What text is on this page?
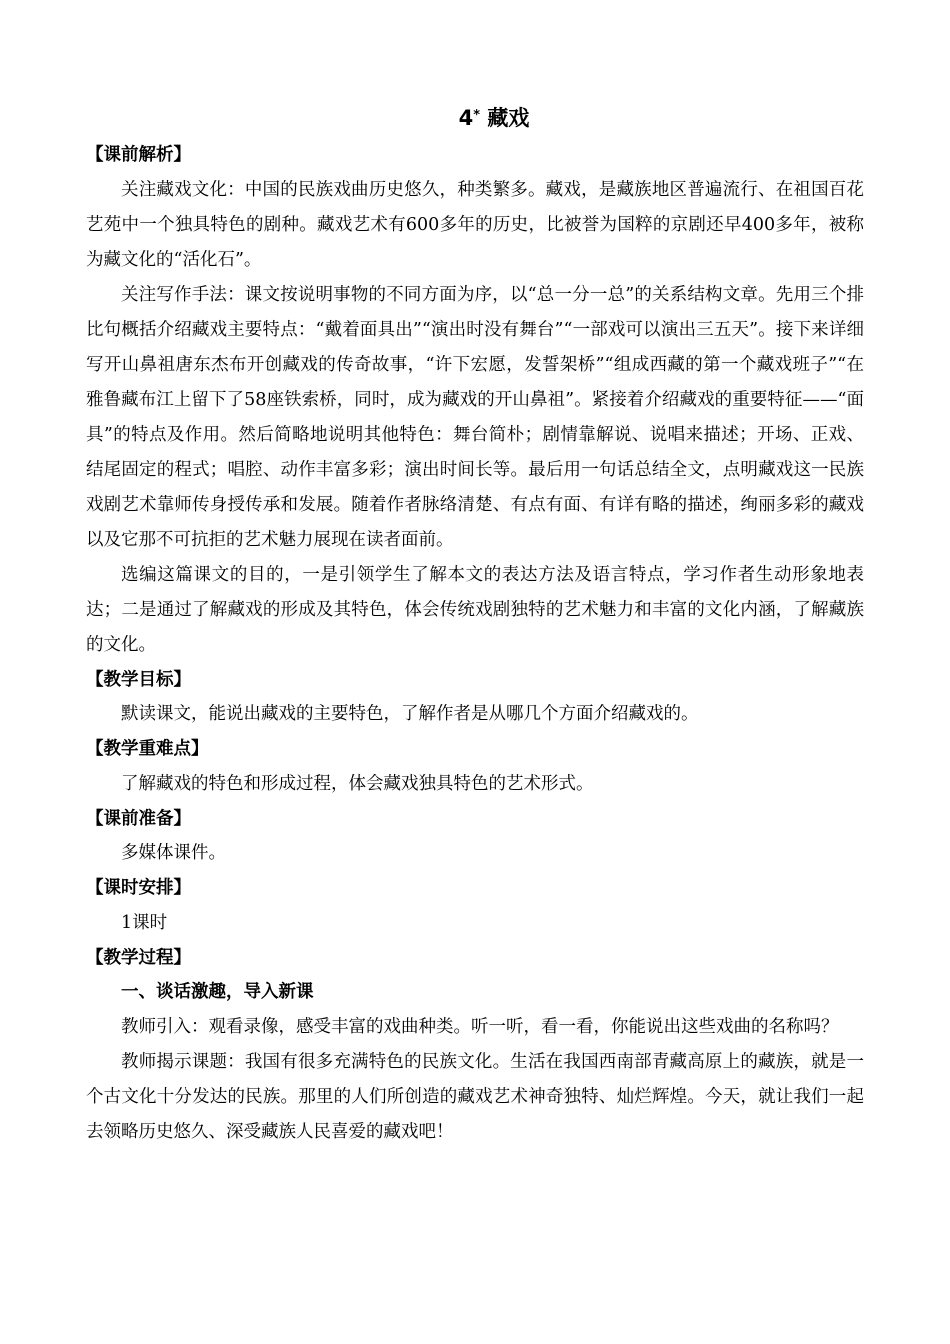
4* 藏戏

【课前解析】

关注藏戏文化：中国的民族戏曲历史悠久，种类繁多。藏戏，是藏族地区普遍流行、在祖国百花艺苑中一个独具特色的剧种。藏戏艺术有600多年的历史，比被誉为国粹的京剧还早400多年，被称为藏文化的“活化石”。

关注写作手法：课文按说明事物的不同方面为序，以“总一分一总”的关系结构文章。先用三个排比句概括介绍藏戏主要特点：“戴着面具出”“演出时没有舞台”“一部戏可以演出三五天”。接下来详细写开山鼻祖唐东杰布开创藏戏的传奇故事，“许下宏愿，发誓架桥”“组成西藏的第一个藏戏班子”“在雅鲁藏布江上留下了58座铁索桥，同时，成为藏戏的开山鼻祖”。紧接着介绍藏戏的重要特征——“面具”的特点及作用。然后简略地说明其他特色：舞台简朴；剧情靠解说、说唱来描述；开场、正戏、结尾固定的程式；唱腔、动作丰富多彩；演出时间长等。最后用一句话总结全文，点明藏戏这一民族戏剧艺术靠师传身授传承和发展。随着作者脉络清楚、有点有面、有详有略的描述，绚丽多彩的藏戏以及它那不可抗拒的艺术魅力展现在读者面前。

选编这篇课文的目的，一是引领学生了解本文的表达方法及语言特点，学习作者生动形象地表达；二是通过了解藏戏的形成及其特色，体会传统戏剧独特的艺术魅力和丰富的文化内涵，了解藏族的文化。

【教学目标】

默读课文，能说出藏戏的主要特色，了解作者是从哪几个方面介绍藏戏的。

【教学重难点】

了解藏戏的特色和形成过程，体会藏戏独具特色的艺术形式。

【课前准备】

多媒体课件。

【课时安排】

1课时

【教学过程】

一、谈话激趣，导入新课

教师引入：观看录像，感受丰富的戏曲种类。听一听，看一看，你能说出这些戏曲的名称吗？

教师揭示课题：我国有很多充满特色的民族文化。生活在我国西南部青藏高原上的藏族，就是一个古文化十分发达的民族。那里的人们所创造的藏戏艺术神奇独特、灿烂辉煌。今天，就让我们一起去领略历史悠久、深受藏族人民喜爱的藏戏吧！
